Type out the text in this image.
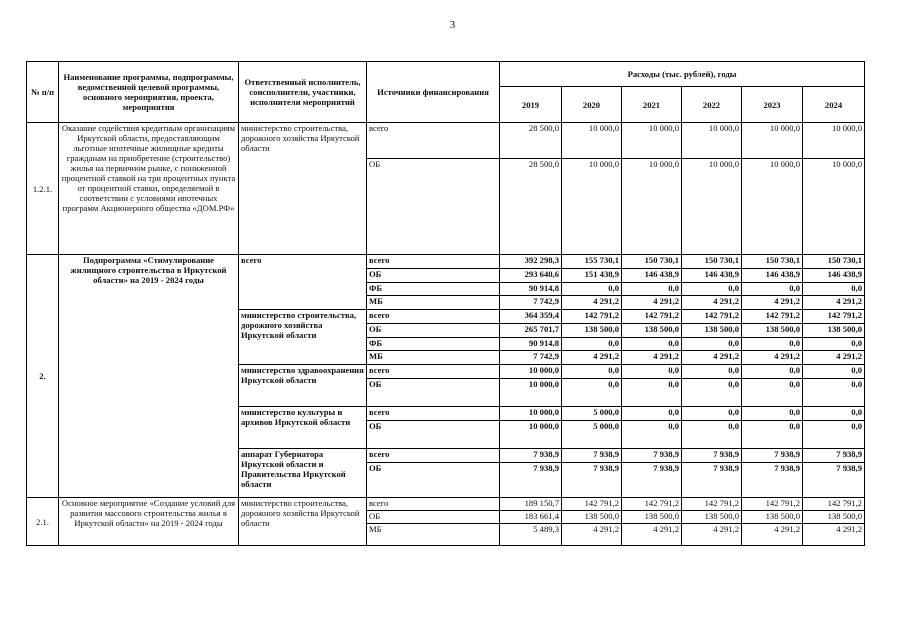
3
№ п/п	Наименование программы, подпрограммы, ведомственной целевой программы, основного мероприятия, проекта, мероприятия	Ответственный исполнитель, соисполнители, участники, исполнители мероприятий	Источники финансирования	Расходы (тыс. рублей), годы					
				2019	2020	2021	2022	2023	2024
1.2.1.	Оказание содействия кредитным организациям Иркутской области, предоставляющим льготные ипотечные жилищные кредиты гражданам на приобретение (строительство) жилья на первичном рынке, с пониженной процентной ставкой на три процентных пункта от процентной ставки, определяемой в соответствии с условиями ипотечных программ Акционерного общества «ДОМ.РФ»	министерство строительства, дорожного хозяйства Иркутской области	всего	28 500,0	10 000,0	10 000,0	10 000,0	10 000,0	10 000,0
			ОБ	28 500,0	10 000,0	10 000,0	10 000,0	10 000,0	10 000,0
2.	Подпрограмма «Стимулирование жилищного строительства в Иркутской области» на 2019 - 2024 годы	всего	всего	392 298,3	155 730,1	150 730,1	150 730,1	150 730,1	150 730,1
			ОБ	293 640,6	151 438,9	146 438,9	146 438,9	146 438,9	146 438,9
			ФБ	90 914,8	0,0	0,0	0,0	0,0	0,0
			МБ	7 742,9	4 291,2	4 291,2	4 291,2	4 291,2	4 291,2
		министерство строительства, дорожного хозяйства Иркутской области	всего	364 359,4	142 791,2	142 791,2	142 791,2	142 791,2	142 791,2
			ОБ	265 701,7	138 500,0	138 500,0	138 500,0	138 500,0	138 500,0
			ФБ	90 914,8	0,0	0,0	0,0	0,0	0,0
			МБ	7 742,9	4 291,2	4 291,2	4 291,2	4 291,2	4 291,2
		министерство здравоохранения Иркутской области	всего	10 000,0	0,0	0,0	0,0	0,0	0,0
			ОБ	10 000,0	0,0	0,0	0,0	0,0	0,0
		министерство культуры и архивов Иркутской области	всего	10 000,0	5 000,0	0,0	0,0	0,0	0,0
			ОБ	10 000,0	5 000,0	0,0	0,0	0,0	0,0
		аппарат Губернатора Иркутской области и Правительства Иркутской области	всего	7 938,9	7 938,9	7 938,9	7 938,9	7 938,9	7 938,9
			ОБ	7 938,9	7 938,9	7 938,9	7 938,9	7 938,9	7 938,9
2.1.	Основное мероприятие «Создание условий для развития массового строительства жилья в Иркутской области» на 2019 - 2024 годы	министерство строительства, дорожного хозяйства Иркутской области	всего	189 150,7	142 791,2	142 791,2	142 791,2	142 791,2	142 791,2
			ОБ	183 661,4	138 500,0	138 500,0	138 500,0	138 500,0	138 500,0
			МБ	5 489,3	4 291,2	4 291,2	4 291,2	4 291,2	4 291,2
